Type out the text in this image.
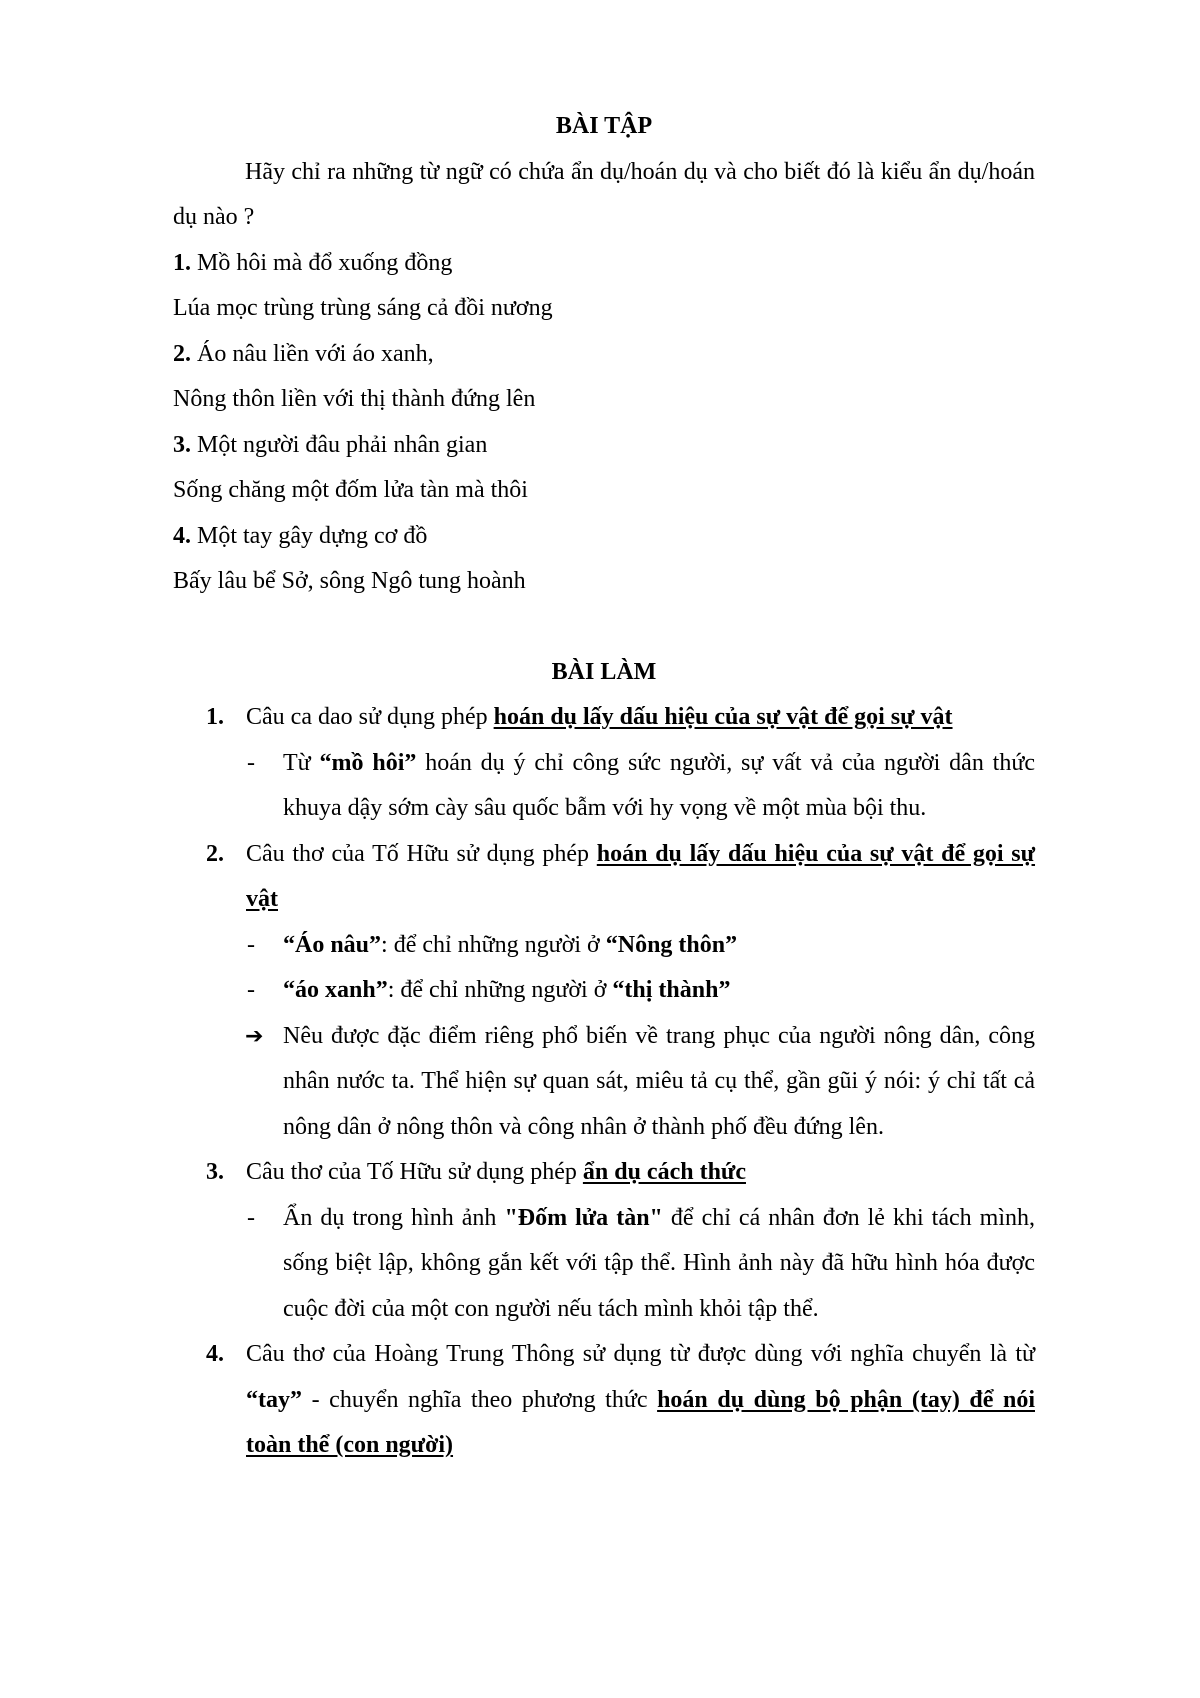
BÀI TẬP
Hãy chỉ ra những từ ngữ có chứa ẩn dụ/hoán dụ và cho biết đó là kiểu ẩn dụ/hoán dụ nào ?
1. Mồ hôi mà đổ xuống đồng
Lúa mọc trùng trùng sáng cả đồi nương
2. Áo nâu liền với áo xanh,
Nông thôn liền với thị thành đứng lên
3. Một người đâu phải nhân gian
Sống chăng một đốm lửa tàn mà thôi
4. Một tay gây dựng cơ đồ
Bấy lâu bể Sở, sông Ngô tung hoành
BÀI LÀM
1. Câu ca dao sử dụng phép hoán dụ lấy dấu hiệu của sự vật để gọi sự vật
- Từ “mồ hôi” hoán dụ ý chỉ công sức người, sự vất vả của người dân thức khuya dậy sớm cày sâu quốc bẫm với hy vọng về một mùa bội thu.
2. Câu thơ của Tố Hữu sử dụng phép hoán dụ lấy dấu hiệu của sự vật để gọi sự vật
- “Áo nâu”: để chỉ những người ở “Nông thôn”
- “áo xanh”: để chỉ những người ở “thị thành”
➔ Nêu được đặc điểm riêng phổ biến về trang phục của người nông dân, công nhân nước ta. Thể hiện sự quan sát, miêu tả cụ thể, gần gũi ý nói: ý chỉ tất cả nông dân ở nông thôn và công nhân ở thành phố đều đứng lên.
3. Câu thơ của Tố Hữu sử dụng phép ẩn dụ cách thức
- Ẩn dụ trong hình ảnh "Đốm lửa tàn" để chỉ cá nhân đơn lẻ khi tách mình, sống biệt lập, không gắn kết với tập thể. Hình ảnh này đã hữu hình hóa được cuộc đời của một con người nếu tách mình khỏi tập thể.
4. Câu thơ của Hoàng Trung Thông sử dụng từ được dùng với nghĩa chuyển là từ “tay” - chuyển nghĩa theo phương thức hoán dụ dùng bộ phận (tay) để nói toàn thể (con người)
